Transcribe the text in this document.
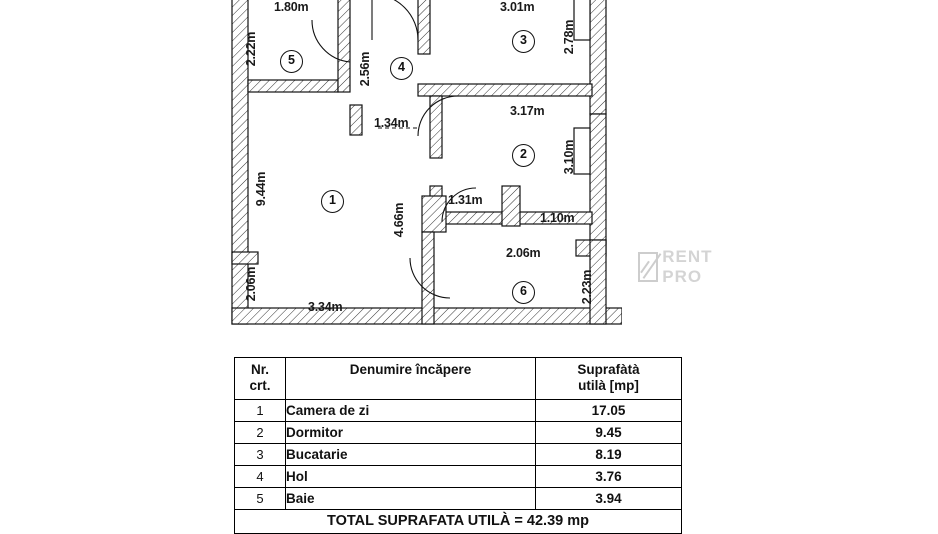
1
2
3
4
5
6
1.80m	3.01m
3.17m
1.34m
1.31m
1.10m
2.06m
3.34m
2.22m
2.56m
2.78m
3.10m
9.44m
4.66m
2.06m	2.23m
RENT PRO
Nr.
crt.
	Denumire încăpere	Suprafàtà
utilà [mp]

1	Camera de zi	17.05
2	Dormitor	9.45
3	Bucatarie	8.19
4	Hol	3.76
5	Baie	3.94
TOTAL SUPRAFATA UTILÀ = 42.39 mp		
